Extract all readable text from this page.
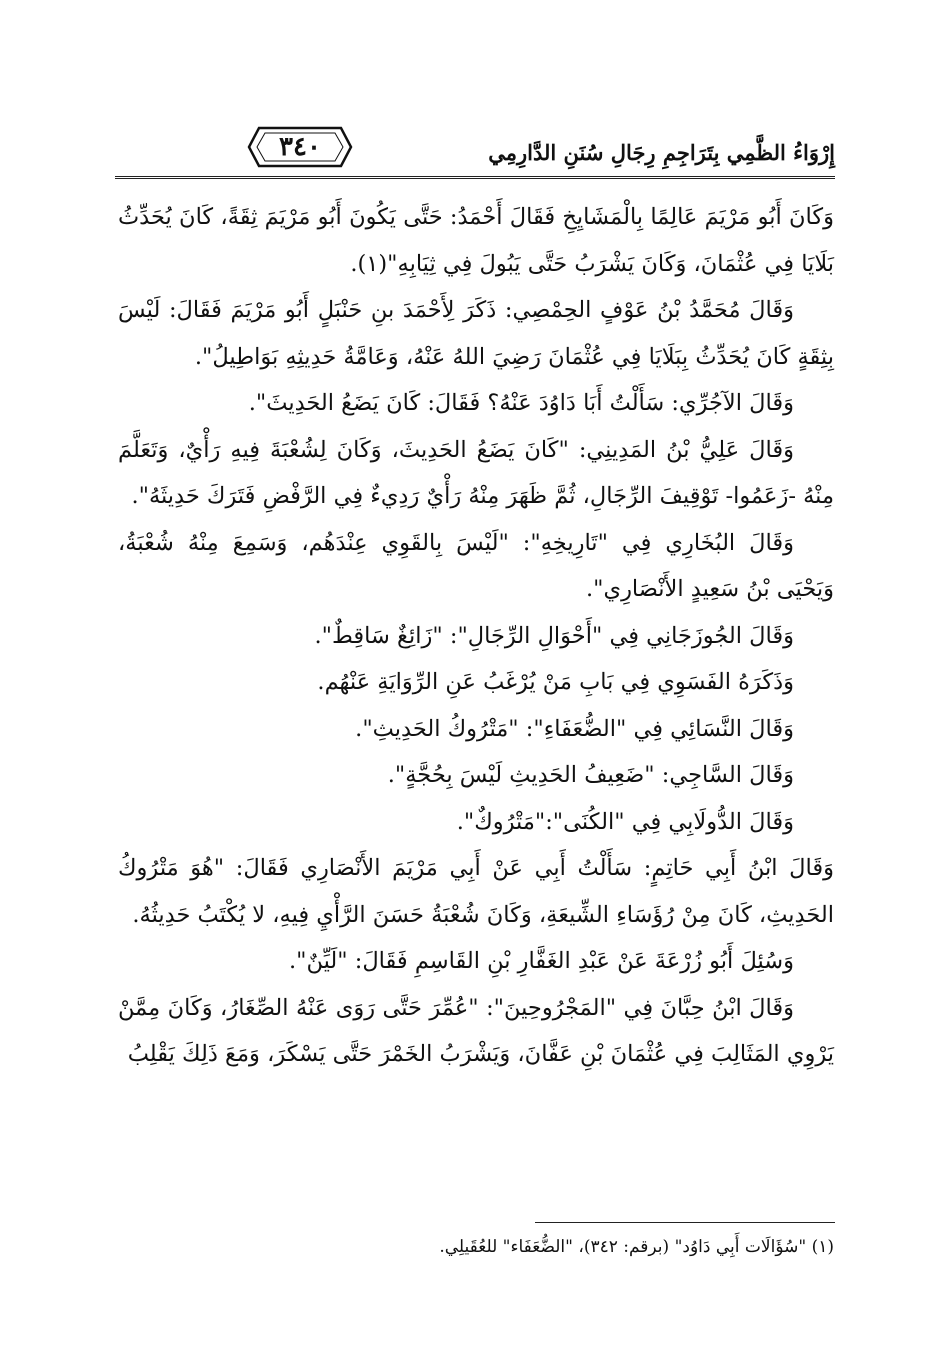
إِرْوَاءُ الظَّمِي بِتَرَاجِمِ رِجَالِ سُنَنِ الدَّارِمِي
٣٤٠

وَكَانَ أَبُو مَرْيَمَ عَالِمًا بِالْمَشَايِخِ فَقَالَ أَحْمَدُ: حَتَّى يَكُونَ أَبُو مَرْيَمَ ثِقَةً، كَانَ يُحَدِّثُ بَلَايَا فِي عُثْمَانَ، وَكَانَ يَشْرَبُ حَتَّى يَبُولَ فِي ثِيَابِهِ"(١).

وَقَالَ مُحَمَّدُ بْنُ عَوْفٍ الحِمْصِي: ذَكَرَ لِأَحْمَدَ بنِ حَنْبَلٍ أَبُو مَرْيَمَ فَقَالَ: لَيْسَ بِثِقَةٍ كَانَ يُحَدِّثُ بِبَلَايَا فِي عُثْمَانَ رَضِيَ اللهُ عَنْهُ، وَعَامَّةُ حَدِيثِهِ بَوَاطِيلُ".

وَقَالَ الآجُرِّي: سَأَلْتُ أَبَا دَاوُدَ عَنْهُ؟ فَقَالَ: كَانَ يَضَعُ الحَدِيثَ".

وَقَالَ عَلِيُّ بْنُ المَدِينِي: "كَانَ يَضَعُ الحَدِيثَ، وَكَانَ لِشُعْبَةَ فِيهِ رَأْيٌ، وَتَعَلَّمَ مِنْهُ -زَعَمُوا- تَوْقِيفَ الرِّجَالِ، ثُمَّ ظَهَرَ مِنْهُ رَأْيٌ رَدِيءٌ فِي الرَّفْضِ فَتَرَكَ حَدِيثَهُ".

وَقَالَ البُخَارِي فِي "تَارِيخِهِ": "لَيْسَ بِالقَوِي عِنْدَهُم، وَسَمِعَ مِنْهُ شُعْبَةُ، وَيَحْيَى بْنُ سَعِيدٍ الأَنْصَارِي".

وَقَالَ الجُوزَجَانِي فِي "أَحْوَالِ الرِّجَالِ": "زَائِغٌ سَاقِطٌ".

وَذَكَرَهُ الفَسَوِي فِي بَابِ مَنْ يُرْغَبُ عَنِ الرِّوَايَةِ عَنْهُم.

وَقَالَ النَّسَائِي فِي "الضُّعَفَاءِ": "مَتْرُوكُ الحَدِيثِ".

وَقَالَ السَّاجِي: "ضَعِيفُ الحَدِيثِ لَيْسَ بِحُجَّةٍ".

وَقَالَ الدُّولَابِي فِي "الكُنَى":"مَتْرُوكٌ".

وَقَالَ ابْنُ أَبِي حَاتِمٍ: سَأَلْتُ أَبِي عَنْ أَبِي مَرْيَمَ الأَنْصَارِي فَقَالَ: "هُوَ مَتْرُوكُ الحَدِيثِ، كَانَ مِنْ رُؤَسَاءِ الشِّيعَةِ، وَكَانَ شُعْبَةُ حَسَنَ الرَّأْيِ فِيهِ، لا يُكْتَبُ حَدِيثُهُ.

وَسُئِلَ أَبُو زُرْعَةَ عَنْ عَبْدِ الغَفَّارِ بْنِ القَاسِمِ فَقَالَ: "لَيِّنٌ".

وَقَالَ ابْنُ حِبَّانَ فِي "المَجْرُوحِينَ": "عُمِّرَ حَتَّى رَوَى عَنْهُ الصِّغَارُ، وَكَانَ مِمَّنْ يَرْوِي المَثَالِبَ فِي عُثْمَانَ بْنِ عَفَّانَ، وَيَشْرَبُ الخَمْرَ حَتَّى يَسْكَرَ، وَمَعَ ذَلِكَ يَقْلِبُ

(١) "سُؤَالَات أَبِي دَاوُد" (برقم: ٣٤٢)، "الضُّعَفَاء" للعُقَيلِي.
